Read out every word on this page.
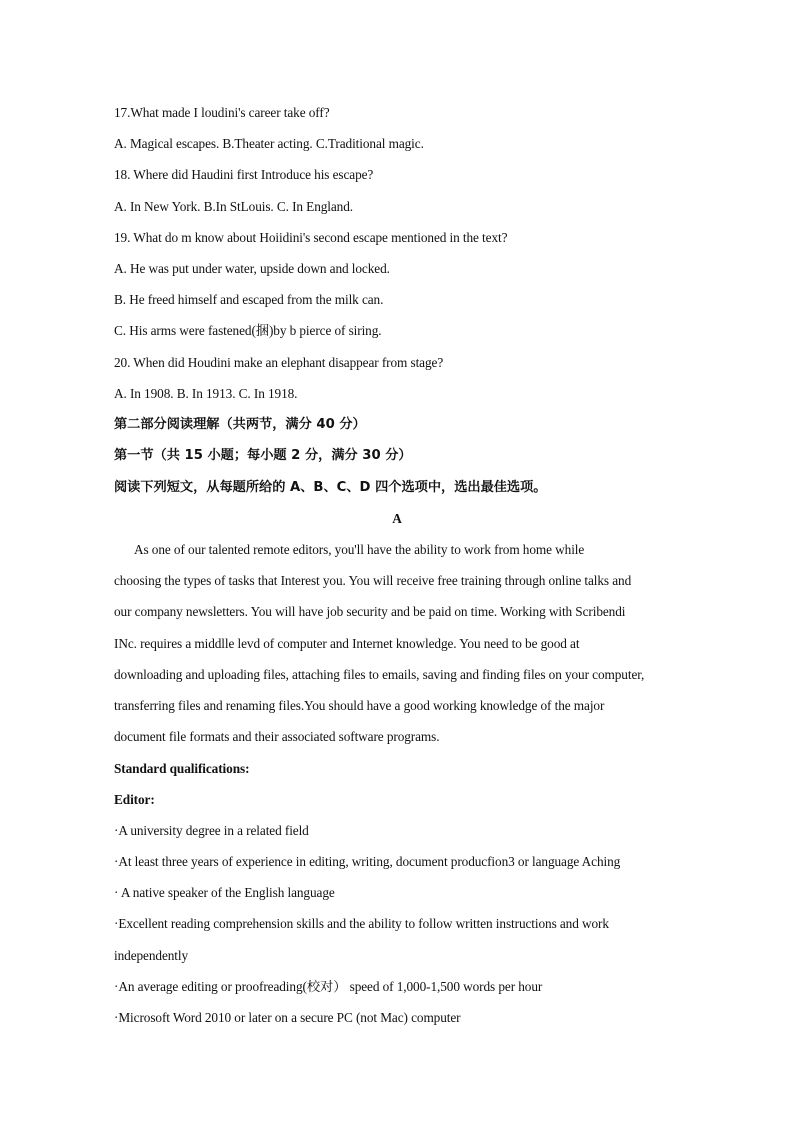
17.What made I loudini's career take off?
A. Magical escapes. B.Theater acting. C.Traditional magic.
18. Where did Haudini first Introduce his escape?
A. In New York. B.In StLouis. C. In England.
19. What do m know about Hoiidini's second escape mentioned in the text?
A. He was put under water, upside down and locked.
B. He freed himself and escaped from the milk can.
C. His arms were fastened(捆)by b pierce of siring.
20. When did Houdini make an elephant disappear from stage?
A. In 1908. B. In 1913. C. In 1918.
第二部分阅读理解（共两节，满分 40 分）
第一节（共 15 小题；每小题 2 分，满分 30 分）
阅读下列短文，从每题所给的 A、B、C、D 四个选项中，选出最佳选项。
A
As one of our talented remote editors, you'll have the ability to work from home while
choosing the types of tasks that Interest you. You will receive free training through online talks and
our company newsletters. You will have job security and be paid on time. Working with Scribendi
INc. requires a middlle levd of computer and Internet knowledge. You need to be good at
downloading and uploading files, attaching files to emails, saving and finding files on your computer,
transferring files and renaming files.You should have a good working knowledge of the major
document file formats and their associated software programs.
Standard qualifications:
Editor:
·A university degree in a related field
·At least three years of experience in editing, writing, document producfion3 or language Aching
· A native speaker of the English language
·Excellent reading comprehension skills and the ability to follow written instructions and work
independently
·An average editing or proofreading(校对） speed of 1,000-1,500 words per hour
·Microsoft Word 2010 or later on a secure PC (not Mac) computer
